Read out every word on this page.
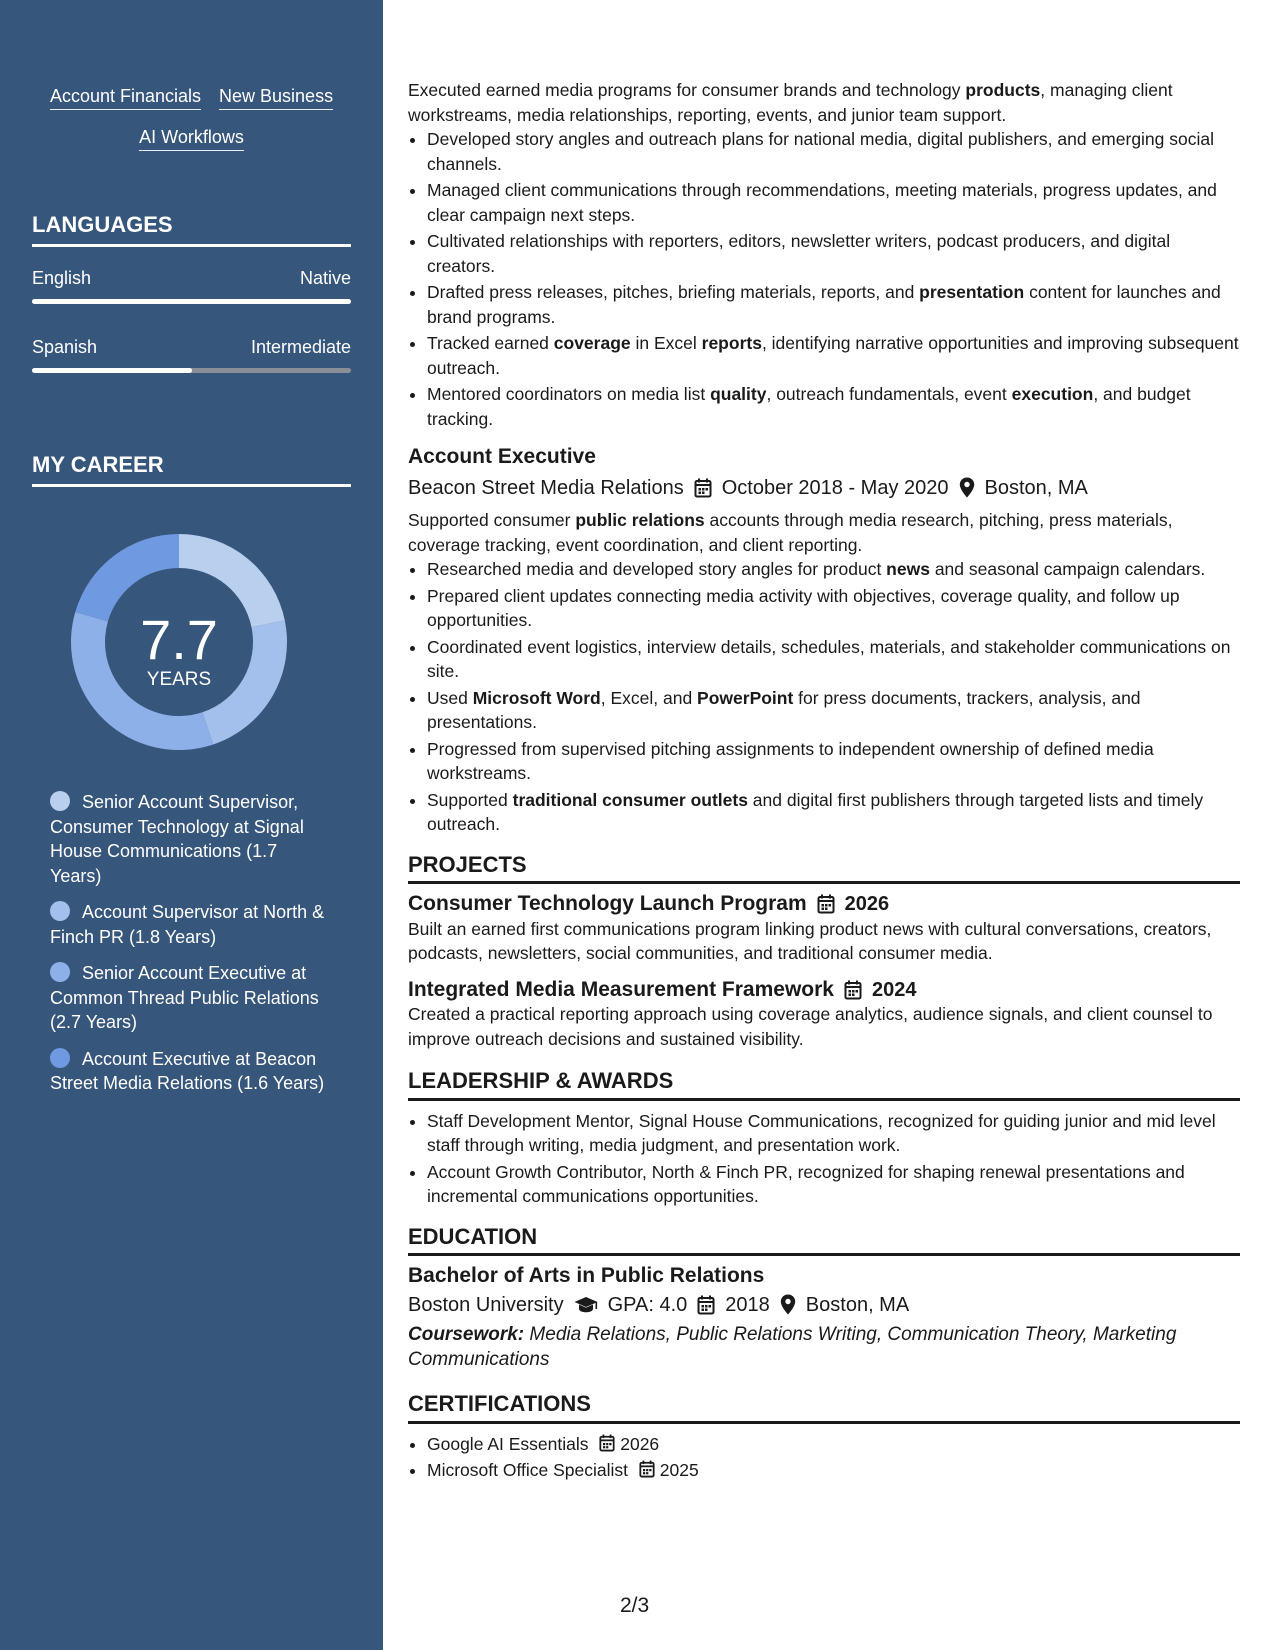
Account Financials New Business
AI Workflows
LANGUAGES
English	Native
Spanish	Intermediate
MY CAREER
7.7
YEARS
Senior Account Supervisor, Consumer Technology at Signal House Communications (1.7 Years)
Account Supervisor at North & Finch PR (1.8 Years)
Senior Account Executive at Common Thread Public Relations (2.7 Years)
Account Executive at Beacon Street Media Relations (1.6 Years)

Executed earned media programs for consumer brands and technology products, managing client workstreams, media relationships, reporting, events, and junior team support.

• Developed story angles and outreach plans for national media, digital publishers, and emerging social channels.
• Managed client communications through recommendations, meeting materials, progress updates, and clear campaign next steps.
• Cultivated relationships with reporters, editors, newsletter writers, podcast producers, and digital creators.
• Drafted press releases, pitches, briefing materials, reports, and presentation content for launches and brand programs.
• Tracked earned coverage in Excel reports, identifying narrative opportunities and improving subsequent outreach.
• Mentored coordinators on media list quality, outreach fundamentals, event execution, and budget tracking.
Account Executive
Beacon Street Media Relations October 2018 - May 2020 Boston, MA

Supported consumer public relations accounts through media research, pitching, press materials, coverage tracking, event coordination, and client reporting.

• Researched media and developed story angles for product news and seasonal campaign calendars.
• Prepared client updates connecting media activity with objectives, coverage quality, and follow up opportunities.
• Coordinated event logistics, interview details, schedules, materials, and stakeholder communications on site.
• Used Microsoft Word, Excel, and PowerPoint for press documents, trackers, analysis, and presentations.
• Progressed from supervised pitching assignments to independent ownership of defined media workstreams.
• Supported traditional consumer outlets and digital first publishers through targeted lists and timely outreach.
PROJECTS
Consumer Technology Launch Program 2026

Built an earned first communications program linking product news with cultural conversations, creators, podcasts, newsletters, social communities, and traditional consumer media.

Integrated Media Measurement Framework 2024

Created a practical reporting approach using coverage analytics, audience signals, and client counsel to improve outreach decisions and sustained visibility.

LEADERSHIP & AWARDS
• Staff Development Mentor, Signal House Communications, recognized for guiding junior and mid level staff through writing, media judgment, and presentation work.
• Account Growth Contributor, North & Finch PR, recognized for shaping renewal presentations and incremental communications opportunities.
EDUCATION
Bachelor of Arts in Public Relations
Boston University GPA: 4.0 2018 Boston, MA

Coursework: Media Relations, Public Relations Writing, Communication Theory, Marketing Communications

CERTIFICATIONS
• Google AI Essentials 2026
• Microsoft Office Specialist 2025
2/3
